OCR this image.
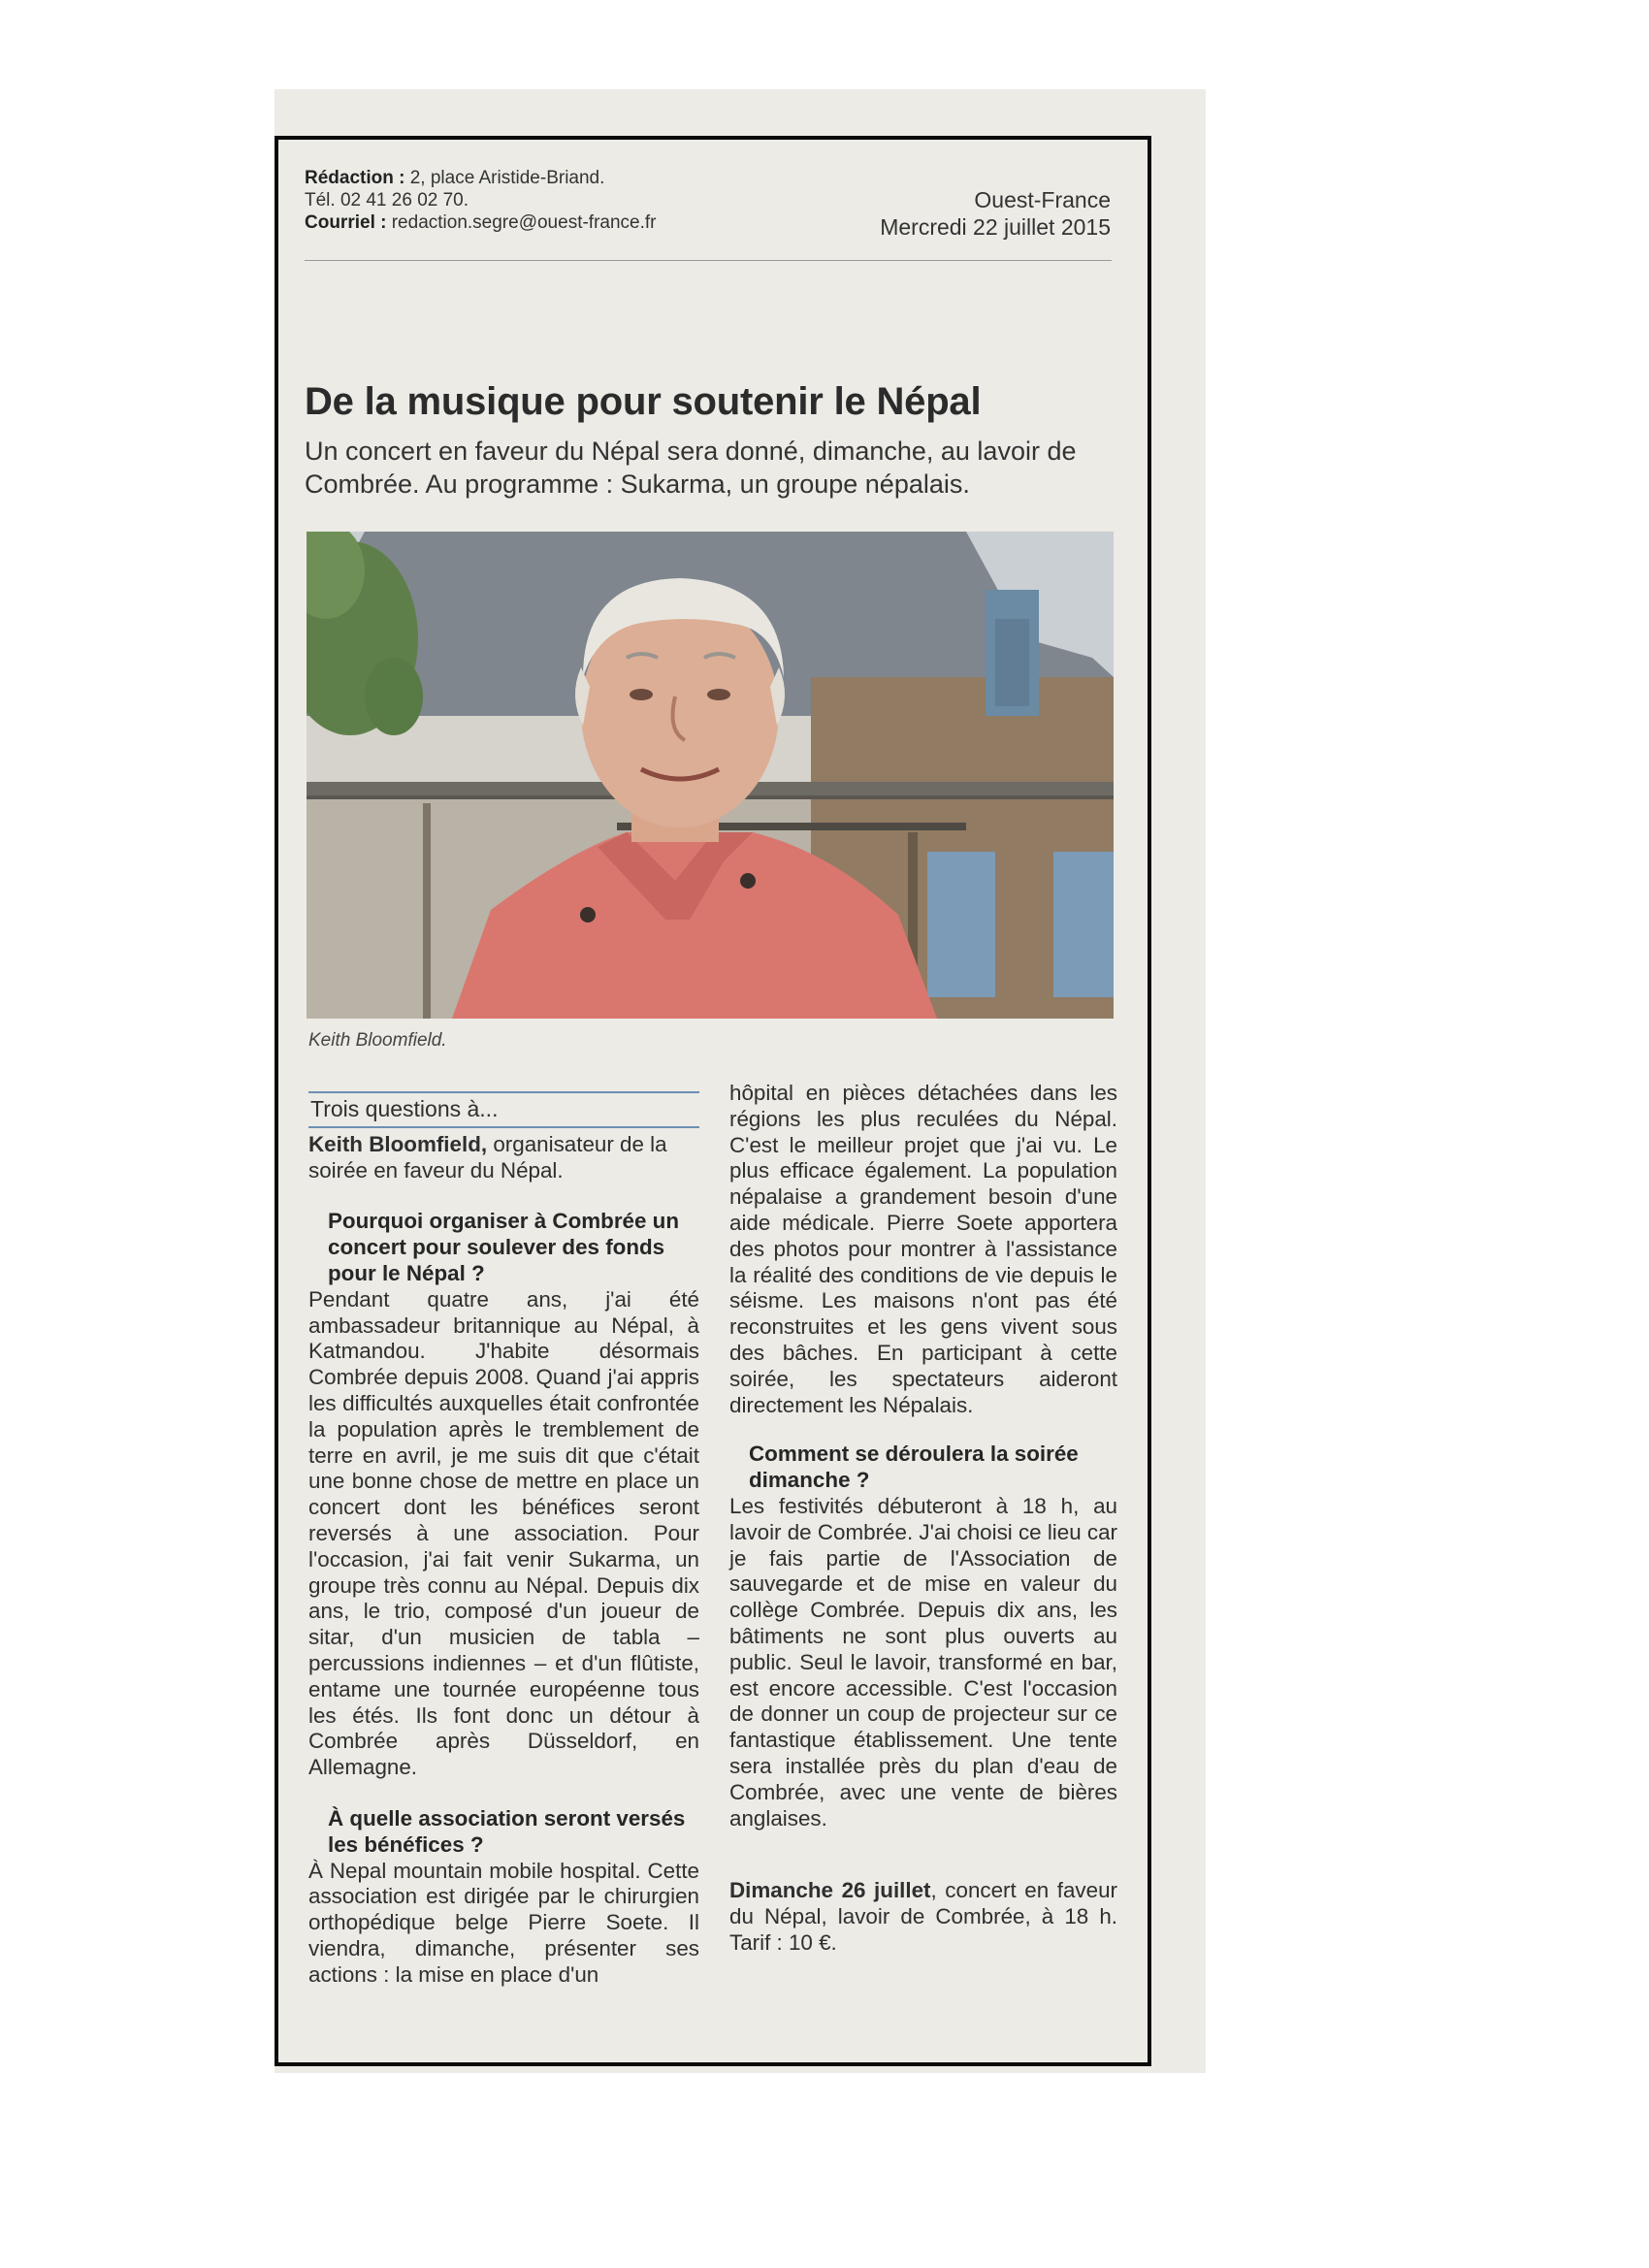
Rédaction : 2, place Aristide-Briand.
Tél. 02 41 26 02 70.
Courriel : redaction.segre@ouest-france.fr
Ouest-France
Mercredi 22 juillet 2015
De la musique pour soutenir le Népal
Un concert en faveur du Népal sera donné, dimanche, au lavoir de Combrée. Au programme : Sukarma, un groupe népalais.
Keith Bloomfield.
Trois questions à...

Keith Bloomfield, organisateur de la soirée en faveur du Népal.

Pourquoi organiser à Combrée un concert pour soulever des fonds pour le Népal ?

Pendant quatre ans, j'ai été ambassadeur britannique au Népal, à Katmandou. J'habite désormais Combrée depuis 2008. Quand j'ai appris les difficultés auxquelles était confrontée la population après le tremblement de terre en avril, je me suis dit que c'était une bonne chose de mettre en place un concert dont les bénéfices seront reversés à une association. Pour l'occasion, j'ai fait venir Sukarma, un groupe très connu au Népal. Depuis dix ans, le trio, composé d'un joueur de sitar, d'un musicien de tabla – percussions indiennes – et d'un flûtiste, entame une tournée européenne tous les étés. Ils font donc un détour à Combrée après Düsseldorf, en Allemagne.

À quelle association seront versés les bénéfices ?

À Nepal mountain mobile hospital. Cette association est dirigée par le chirurgien orthopédique belge Pierre Soete. Il viendra, dimanche, présenter ses actions : la mise en place d'un

hôpital en pièces détachées dans les régions les plus reculées du Népal. C'est le meilleur projet que j'ai vu. Le plus efficace également. La population népalaise a grandement besoin d'une aide médicale. Pierre Soete apportera des photos pour montrer à l'assistance la réalité des conditions de vie depuis le séisme. Les maisons n'ont pas été reconstruites et les gens vivent sous des bâches. En participant à cette soirée, les spectateurs aideront directement les Népalais.

Comment se déroulera la soirée dimanche ?

Les festivités débuteront à 18 h, au lavoir de Combrée. J'ai choisi ce lieu car je fais partie de l'Association de sauvegarde et de mise en valeur du collège Combrée. Depuis dix ans, les bâtiments ne sont plus ouverts au public. Seul le lavoir, transformé en bar, est encore accessible. C'est l'occasion de donner un coup de projecteur sur ce fantastique établissement. Une tente sera installée près du plan d'eau de Combrée, avec une vente de bières anglaises.

Dimanche 26 juillet, concert en faveur du Népal, lavoir de Combrée, à 18 h. Tarif : 10 €.
